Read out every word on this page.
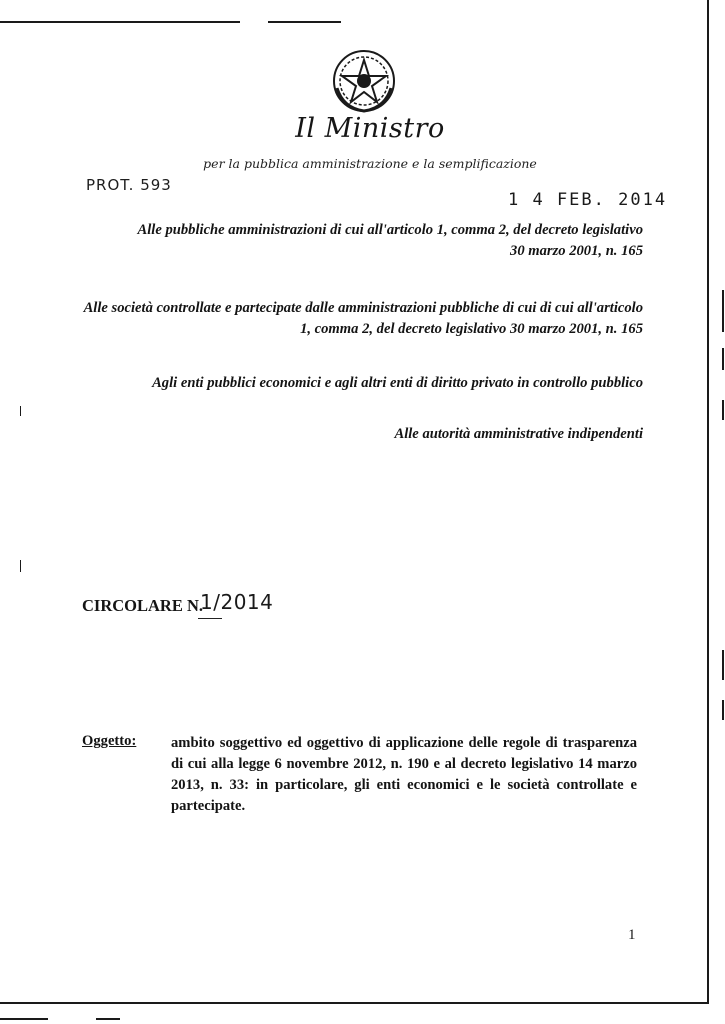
Il Ministro
per la pubblica amministrazione e la semplificazione
PROT. 593
1 4 FEB. 2014
Alle pubbliche amministrazioni di cui all'articolo 1, comma 2, del decreto legislativo 30 marzo 2001, n. 165
Alle società controllate e partecipate dalle amministrazioni pubbliche di cui di cui all'articolo 1, comma 2, del decreto legislativo 30 marzo 2001, n. 165
Agli enti pubblici economici e agli altri enti di diritto privato in controllo pubblico
Alle autorità amministrative indipendenti
CIRCOLARE N.
1/2014
Oggetto: ambito soggettivo ed oggettivo di applicazione delle regole di trasparenza di cui alla legge 6 novembre 2012, n. 190 e al decreto legislativo 14 marzo 2013, n. 33: in particolare, gli enti economici e le società controllate e partecipate.
1
